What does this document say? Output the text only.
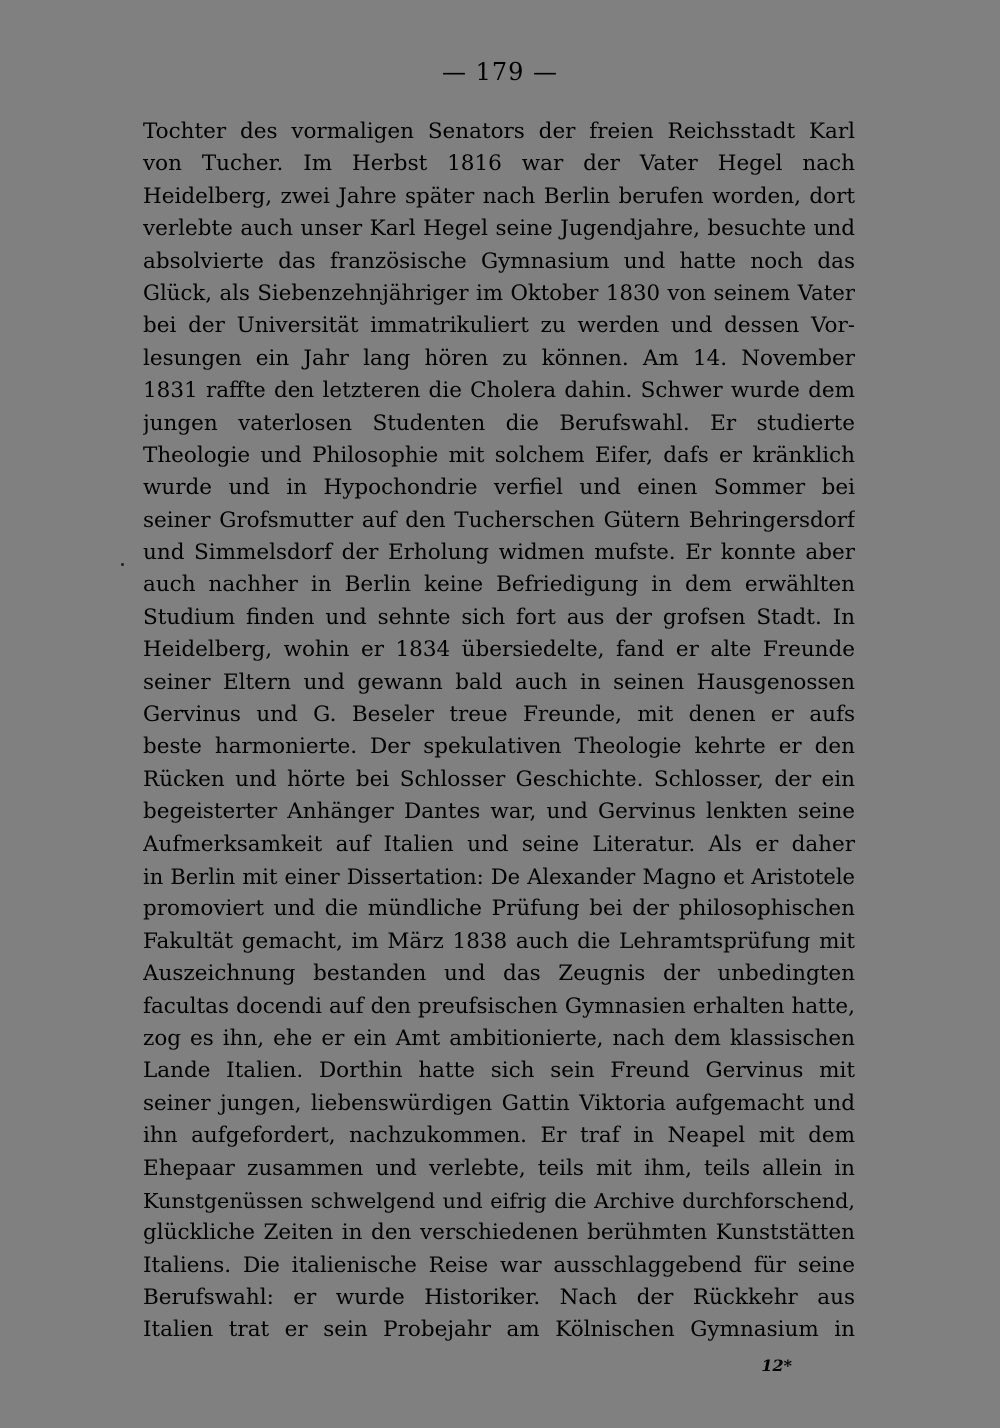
— 179 —
Tochter des vormaligen Senators der freien Reichsstadt Karl
von Tucher. Im Herbst 1816 war der Vater Hegel nach
Heidelberg, zwei Jahre später nach Berlin berufen worden, dort
verlebte auch unser Karl Hegel seine Jugendjahre, besuchte und
absolvierte das französische Gymnasium und hatte noch das
Glück, als Siebenzehnjähriger im Oktober 1830 von seinem Vater
bei der Universität immatrikuliert zu werden und dessen Vor-
lesungen ein Jahr lang hören zu können. Am 14. November
1831 raffte den letzteren die Cholera dahin. Schwer wurde dem
jungen vaterlosen Studenten die Berufswahl. Er studierte
Theologie und Philosophie mit solchem Eifer, dafs er kränklich
wurde und in Hypochondrie verfiel und einen Sommer bei
seiner Grofsmutter auf den Tucherschen Gütern Behringersdorf
und Simmelsdorf der Erholung widmen mufste. Er konnte aber
auch nachher in Berlin keine Befriedigung in dem erwählten
Studium finden und sehnte sich fort aus der grofsen Stadt. In
Heidelberg, wohin er 1834 übersiedelte, fand er alte Freunde
seiner Eltern und gewann bald auch in seinen Hausgenossen
Gervinus und G. Beseler treue Freunde, mit denen er aufs
beste harmonierte. Der spekulativen Theologie kehrte er den
Rücken und hörte bei Schlosser Geschichte. Schlosser, der ein
begeisterter Anhänger Dantes war, und Gervinus lenkten seine
Aufmerksamkeit auf Italien und seine Literatur. Als er daher
in Berlin mit einer Dissertation: De Alexander Magno et Aristotele
promoviert und die mündliche Prüfung bei der philosophischen
Fakultät gemacht, im März 1838 auch die Lehramtsprüfung mit
Auszeichnung bestanden und das Zeugnis der unbedingten
facultas docendi auf den preufsischen Gymnasien erhalten hatte,
zog es ihn, ehe er ein Amt ambitionierte, nach dem klassischen
Lande Italien. Dorthin hatte sich sein Freund Gervinus mit
seiner jungen, liebenswürdigen Gattin Viktoria aufgemacht und
ihn aufgefordert, nachzukommen. Er traf in Neapel mit dem
Ehepaar zusammen und verlebte, teils mit ihm, teils allein in
Kunstgenüssen schwelgend und eifrig die Archive durchforschend,
glückliche Zeiten in den verschiedenen berühmten Kunststätten
Italiens. Die italienische Reise war ausschlaggebend für seine
Berufswahl: er wurde Historiker. Nach der Rückkehr aus
Italien trat er sein Probejahr am Kölnischen Gymnasium in
12*
